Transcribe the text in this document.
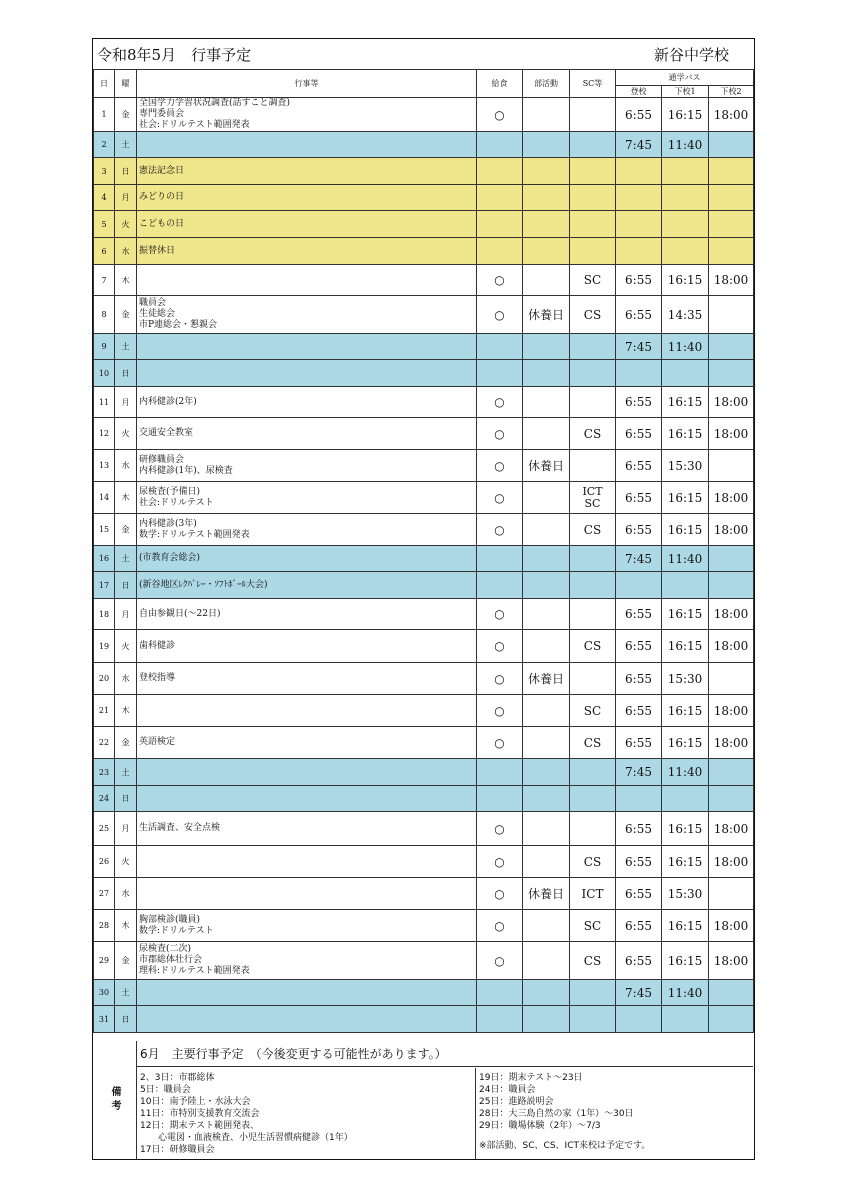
令和8年5月　行事予定	新谷中学校
日	曜	行事等	給食	部活動	SC等	通学バス		
						登校	下校1	下校2
1	金	全国学力学習状況調査(話すこと調査)
専門委員会
社会:ドリルテスト範囲発表	○			6:55	16:15	18:00
2	土					7:45	11:40	
3	日	憲法記念日						
4	月	みどりの日						
5	火	こどもの日						
6	水	振替休日						
7	木		○		SC	6:55	16:15	18:00
8	金	職員会
生徒総会
市P連総会・懇親会	○	休養日	CS	6:55	14:35	
9	土					7:45	11:40	
10	日							
11	月	内科健診(2年)	○			6:55	16:15	18:00
12	火	交通安全教室	○		CS	6:55	16:15	18:00
13	水	研修職員会
内科健診(1年)、尿検査	○	休養日		6:55	15:30	
14	木	尿検査(予備日)
社会:ドリルテスト	○		ICT
SC	6:55	16:15	18:00
15	金	内科健診(3年)
数学:ドリルテスト範囲発表	○		CS	6:55	16:15	18:00
16	土	(市教育会総会)				7:45	11:40	
17	日	(新谷地区ﾚｸﾊﾞﾚｰ・ｿﾌﾄﾎﾞｰﾙ大会)						
18	月	自由参観日(～22日)	○			6:55	16:15	18:00
19	火	歯科健診	○		CS	6:55	16:15	18:00
20	水	登校指導	○	休養日		6:55	15:30	
21	木		○		SC	6:55	16:15	18:00
22	金	英語検定	○		CS	6:55	16:15	18:00
23	土					7:45	11:40	
24	日							
25	月	生活調査、安全点検	○			6:55	16:15	18:00
26	火		○		CS	6:55	16:15	18:00
27	水		○	休養日	ICT	6:55	15:30	
28	木	胸部検診(職員)
数学:ドリルテスト	○		SC	6:55	16:15	18:00
29	金	尿検査(二次)
市郡総体壮行会
理科:ドリルテスト範囲発表	○		CS	6:55	16:15	18:00
30	土					7:45	11:40	
31	日							
備考
6月　主要行事予定　（今後変更する可能性があります。）
2、3日：市郡総体
5日：職員会
10日：南予陸上・水泳大会
11日：市特別支援教育交流会
12日：期末テスト範囲発表、
　　心電図・血液検査、小児生活習慣病健診（1年）
17日：研修職員会
19日：期末テスト～23日
24日：職員会
25日：進路説明会
28日：大三島自然の家（1年）～30日
29日：職場体験（2年）～7/3
※部活動、SC、CS、ICT来校は予定です。
